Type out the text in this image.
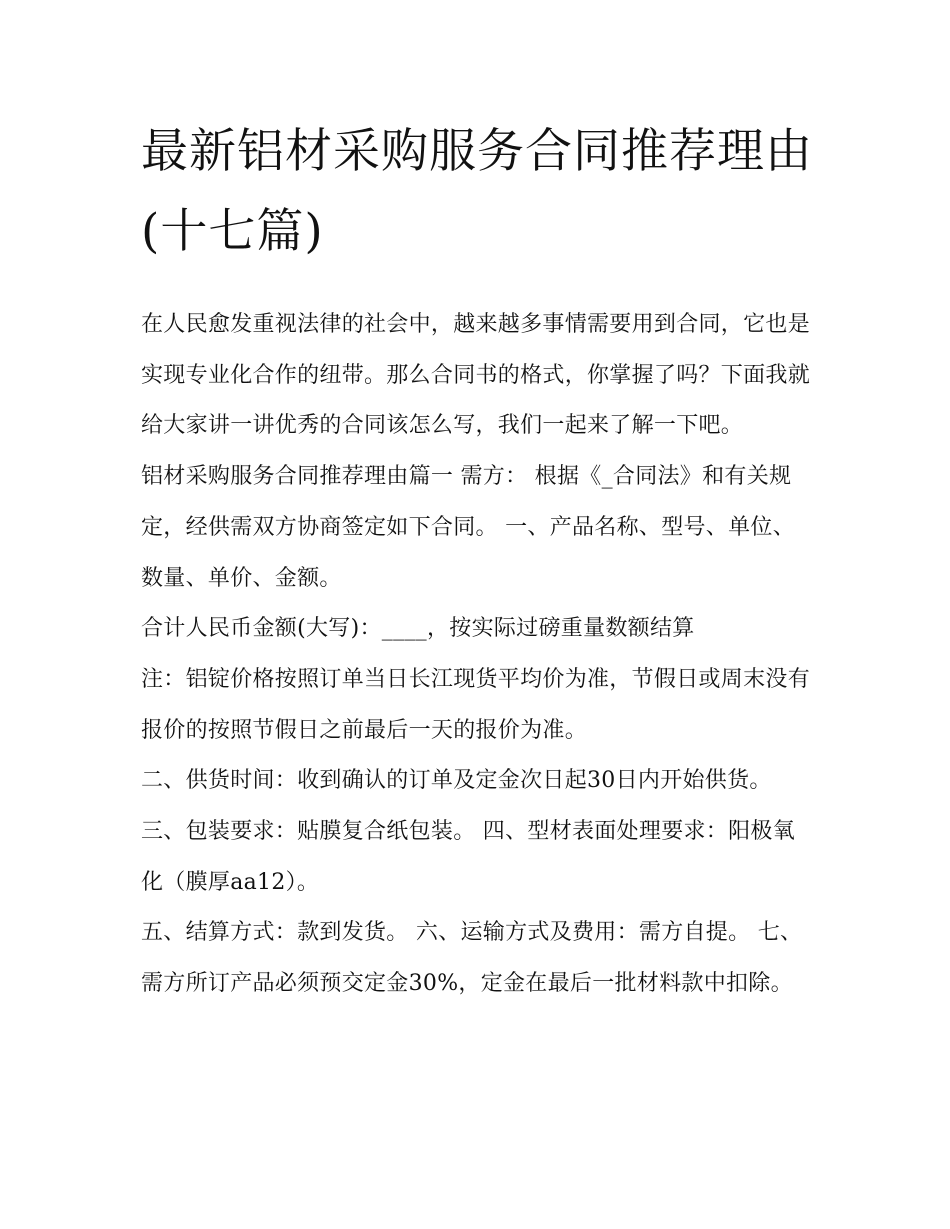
最新铝材采购服务合同推荐理由(十七篇)

在人民愈发重视法律的社会中，越来越多事情需要用到合同，它也是实现专业化合作的纽带。那么合同书的格式，你掌握了吗？下面我就给大家讲一讲优秀的合同该怎么写，我们一起来了解一下吧。

铝材采购服务合同推荐理由篇一 需方： 根据《_合同法》和有关规定，经供需双方协商签定如下合同。 一、产品名称、型号、单位、数量、单价、金额。

合计人民币金额(大写)：____，按实际过磅重量数额结算

注：铝锭价格按照订单当日长江现货平均价为准，节假日或周末没有报价的按照节假日之前最后一天的报价为准。

二、供货时间：收到确认的订单及定金次日起30日内开始供货。 三、包装要求：贴膜复合纸包装。 四、型材表面处理要求：阳极氧化（膜厚aa12）。

五、结算方式：款到发货。 六、运输方式及费用：需方自提。 七、需方所订产品必须预交定金30%，定金在最后一批材料款中扣除。
